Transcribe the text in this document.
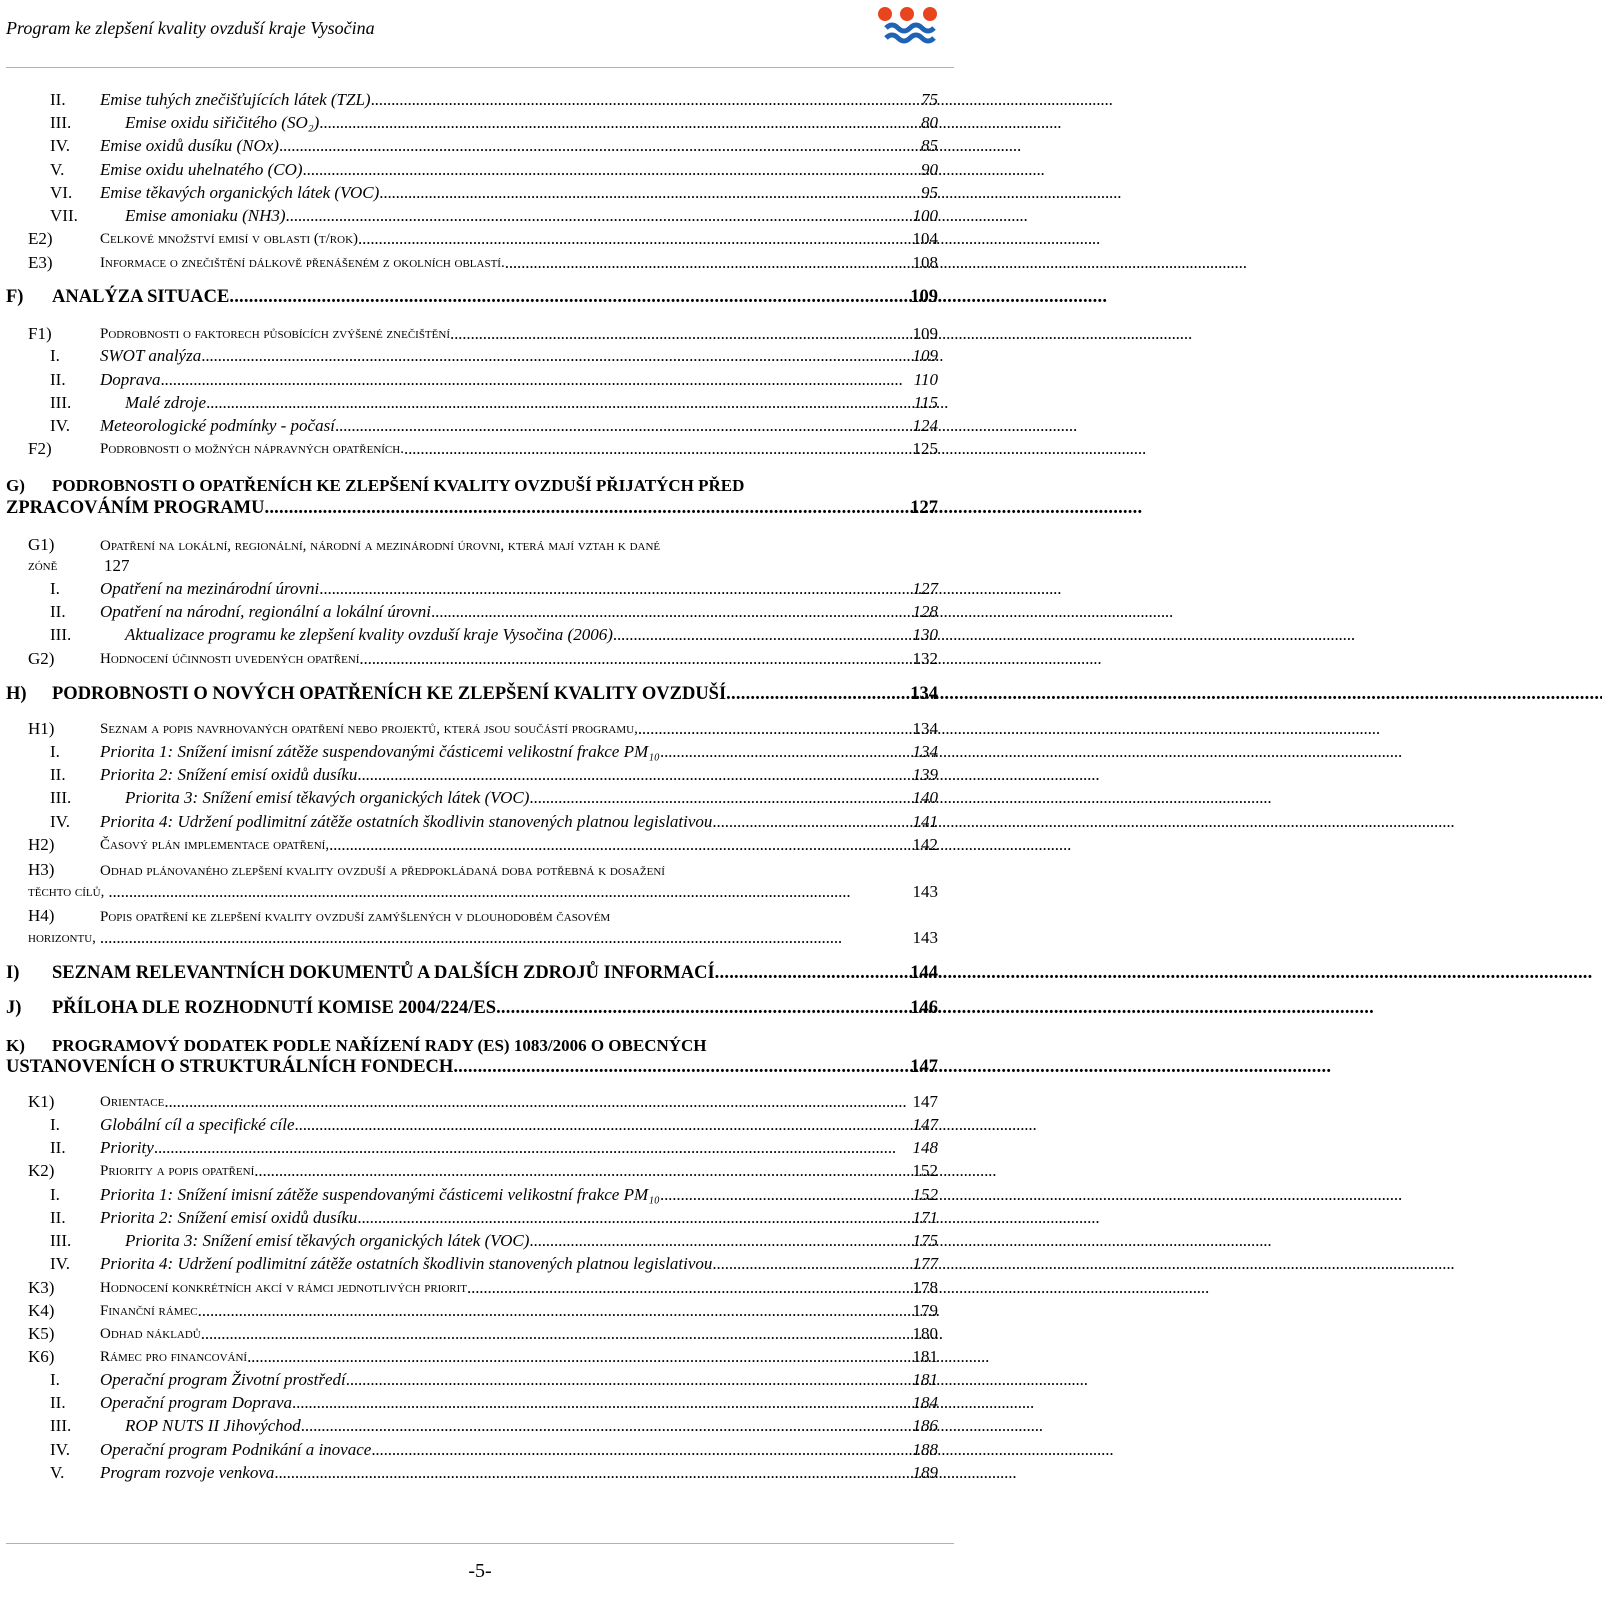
Program ke zlepšení kvality ovzduší kraje Vysočina
II.	Emise tuhých znečišťujících látek (TZL) . . .	75
III.	Emise oxidu siřičitého (SO₂) . . .	80
IV.	Emise oxidů dusíku (NOx) . . .	85
V.	Emise oxidu uhelnatého (CO) . . .	90
VI.	Emise těkavých organických látek (VOC) . . .	95
VII.	Emise amoniaku (NH3) . . .	100
E2)	Celkové množství emisí v oblasti (t/rok) . . .	104
E3)	Informace o znečištění dálkově přenášeném z okolních oblastí. . . .	108
F)	ANALÝZA SITUACE . . .	109
F1)	Podrobnosti o faktorech působících zvýšené znečištění . . .	109
I.	SWOT analýza . . .	109
II.	Doprava . . .	110
III.	Malé zdroje . . .	115
IV.	Meteorologické podmínky - počasí . . .	124
F2)	Podrobnosti o možných nápravných opatřeních. . . .	125
G) PODROBNOSTI O OPATŘENÍCH KE ZLEPŠENÍ KVALITY OVZDUŠÍ PŘIJATÝCH PŘED
ZPRACOVÁNÍM PROGRAMU . . .	127
G1)	Opatření na lokální, regionální, národní a mezinárodní úrovni, která mají vztah k dané
zóně	127
I.	Opatření na mezinárodní úrovni . . .	127
II.	Opatření na národní, regionální a lokální úrovni . . .	128
III.	Aktualizace programu ke zlepšení kvality ovzduší kraje Vysočina (2006) . . .	130
G2)	Hodnocení účinnosti uvedených opatření . . .	132
H)	PODROBNOSTI O NOVÝCH OPATŘENÍCH KE ZLEPŠENÍ KVALITY OVZDUŠÍ . . .	134
H1)	Seznam a popis navrhovaných opatření nebo projektů, která jsou součástí programu, . . .	134
I.	Priorita 1: Snížení imisní zátěže suspendovanými částicemi velikostní frakce PM₁₀ . . .	134
II.	Priorita 2: Snížení emisí oxidů dusíku . . .	139
III.	Priorita 3: Snížení emisí těkavých organických látek (VOC) . . .	140
IV.	Priorita 4: Udržení podlimitní zátěže ostatních škodlivin stanovených platnou legislativou . . .	141
H2)	Časový plán implementace opatření, . . .	142
H3)	Odhad plánovaného zlepšení kvality ovzduší a předpokládaná doba potřebná k dosažení
těchto cílů, . . .	143
H4)	Popis opatření ke zlepšení kvality ovzduší zamýšlených v dlouhodobém časovém
horizontu, . . .	143
I)	SEZNAM RELEVANTNÍCH DOKUMENTŮ A DALŠÍCH ZDROJŮ INFORMACÍ . . .	144
J)	PŘÍLOHA DLE ROZHODNUTÍ KOMISE 2004/224/ES . . .	146
K) PROGRAMOVÝ DODATEK PODLE NAŘÍZENÍ RADY (ES) 1083/2006 O OBECNÝCH
USTANOVENÍCH O STRUKTURÁLNÍCH FONDECH . . .	147
K1)	Orientace . . .	147
I.	Globální cíl a specifické cíle . . .	147
II.	Priority . . .	148
K2)	Priority a popis opatření . . .	152
I.	Priorita 1: Snížení imisní zátěže suspendovanými částicemi velikostní frakce PM₁₀ . . .	152
II.	Priorita 2: Snížení emisí oxidů dusíku . . .	171
III.	Priorita 3: Snížení emisí těkavých organických látek (VOC) . . .	175
IV.	Priorita 4: Udržení podlimitní zátěže ostatních škodlivin stanovených platnou legislativou . . .	177
K3)	Hodnocení konkrétních akcí v rámci jednotlivých priorit . . .	178
K4)	Finanční rámec . . .	179
K5)	Odhad nákladů . . .	180
K6)	Rámec pro financování . . .	181
I.	Operační program Životní prostředí . . .	181
II.	Operační program Doprava . . .	184
III.	ROP NUTS II Jihovýchod . . .	186
IV.	Operační program Podnikání a inovace . . .	188
V.	Program rozvoje venkova . . .	189
-5-
